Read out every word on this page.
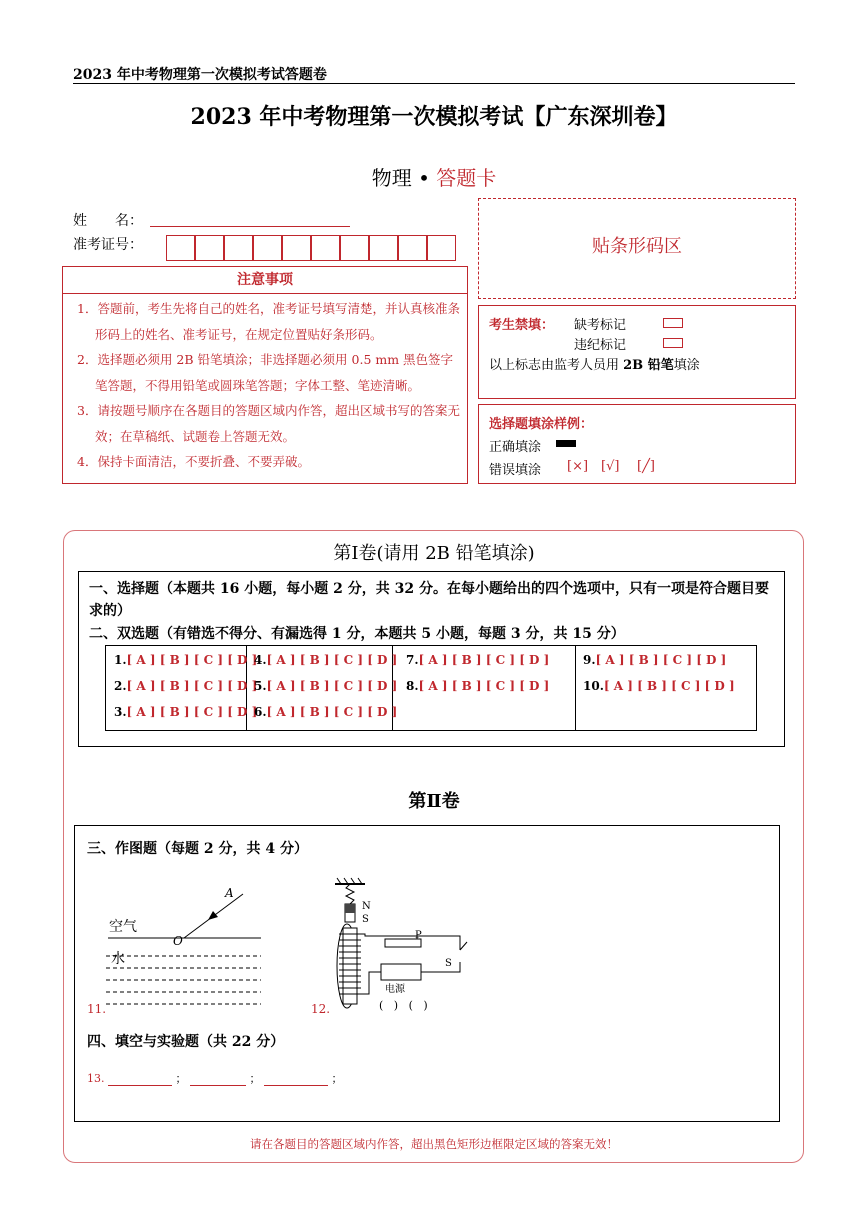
2023 年中考物理第一次模拟考试答题卷
2023 年中考物理第一次模拟考试【广东深圳卷】
物理 • 答题卡
姓　　名：
准考证号：
注意事项
1．答题前，考生先将自己的姓名，准考证号填写清楚，并认真核准条形码上的姓名、准考证号，在规定位置贴好条形码。
2．选择题必须用 2B 铅笔填涂；非选择题必须用 0.5 mm 黑色签字笔答题，不得用铅笔或圆珠笔答题；字体工整、笔迹清晰。
3．请按题号顺序在各题目的答题区域内作答，超出区域书写的答案无效；在草稿纸、试题卷上答题无效。
4．保持卡面清洁，不要折叠、不要弄破。
贴条形码区
考生禁填： 缺考标记
违纪标记
以上标志由监考人员用 2B 铅笔填涂
选择题填涂样例：
正确填涂
错误填涂 [×] [√] [╱]
第Ⅰ卷(请用 2B 铅笔填涂)
一、选择题（本题共 16 小题，每小题 2 分，共 32 分。在每小题给出的四个选项中，只有一项是符合题目要求的）
二、双选题（有错选不得分、有漏选得 1 分，本题共 5 小题，每题 3 分，共 15 分）
1.[ A ] [ B ] [ C ] [ D ]
2.[ A ] [ B ] [ C ] [ D ]
3.[ A ] [ B ] [ C ] [ D ]
4.[ A ] [ B ] [ C ] [ D ]
5.[ A ] [ B ] [ C ] [ D ]
6.[ A ] [ B ] [ C ] [ D ]
7.[ A ] [ B ] [ C ] [ D ]
8.[ A ] [ B ] [ C ] [ D ]
9.[ A ] [ B ] [ C ] [ D ]
10.[ A ] [ B ] [ C ] [ D ]
第Ⅱ卷
三、作图题（每题 2 分，共 4 分）
空气
水
A
O
11.
N
S
P
S
电源
(   )   (   )
12.
四、填空与实验题（共 22 分）
13.	；	；	；
请在各题目的答题区域内作答，超出黑色矩形边框限定区域的答案无效！
